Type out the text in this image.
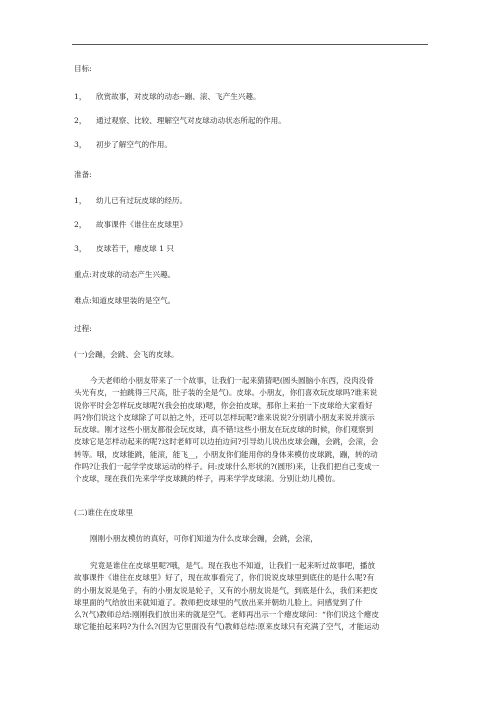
目标:
1， 欣赏故事，对皮球的动态--蹦、滚、飞产生兴趣。
2， 通过观察、比较、理解空气对皮球动动状态所起的作用。
3， 初步了解空气的作用。
准备:
1， 幼儿已有过玩皮球的经历。
2， 故事课件《谁住在皮球里》
3， 皮球若干，瘪皮球 1 只
重点:对皮球的动态产生兴趣。
难点:知道皮球里装的是空气。
过程:
(一)会蹦，会跳、会飞的皮球。
今天老师给小朋友带来了一个故事，让我们一起来猜猜吧(圆头圆脑小东西，没肉没骨
头光有皮，一拍跳得三尺高，肚子装的全是气)。皮球。小朋友，你们喜欢玩皮球吗?谁来说
说你平时会怎样玩皮球呢?(我会拍皮球)嗯，你会拍皮球，那你上来拍一下皮球给大家看好
吗?你们说这个皮球除了可以拍之外，还可以怎样玩呢?谁来说说?分别请小朋友来说并演示
玩皮球。刚才这些小朋友都很会玩皮球，真不错!这些小朋友在玩皮球的时候，你们观察到
皮球它是怎样动起来的呢?这时老师可以边拍边问?引导幼儿说出皮球会蹦，会跳，会滚，会
转等。哦，皮球能跳，能滚，能飞__，小朋友你们能用你的身体来模仿皮球跳，蹦，转的动
作吗?让我们一起学学皮球运动的样子。问:皮球什么形状的?(圆形)来，让我们把自己变成一
个皮球，现在我们先来学学皮球跳的样子，再来学学皮球滚。分别让幼儿模仿。
(二)谁住在皮球里
刚刚小朋友模仿的真好，可你们知道为什么皮球会蹦，会跳，会滚，
究竟是谁住在皮球里呢?哦，是气。现在我也不知道，让我们一起来听过故事吧，播放
故事课件《谁住在皮球里》好了，现在故事看完了，你们说说皮球里到底住的是什么呢?有
的小朋友说是兔子，有的小朋友说是轮子，又有的小朋友说是气，到底是什么，我们来把皮
球里面的气给放出来就知道了。教师把皮球里的气放出来并朝幼儿脸上。问感觉到了什
么?(气)教师总结:刚刚我们放出来的就是空气。老师再出示一个瘪皮球问：“你们说这个瘪皮
球它能拍起来吗?为什么?(因为它里面没有气)教师总结:原来皮球只有充满了空气，才能运动
